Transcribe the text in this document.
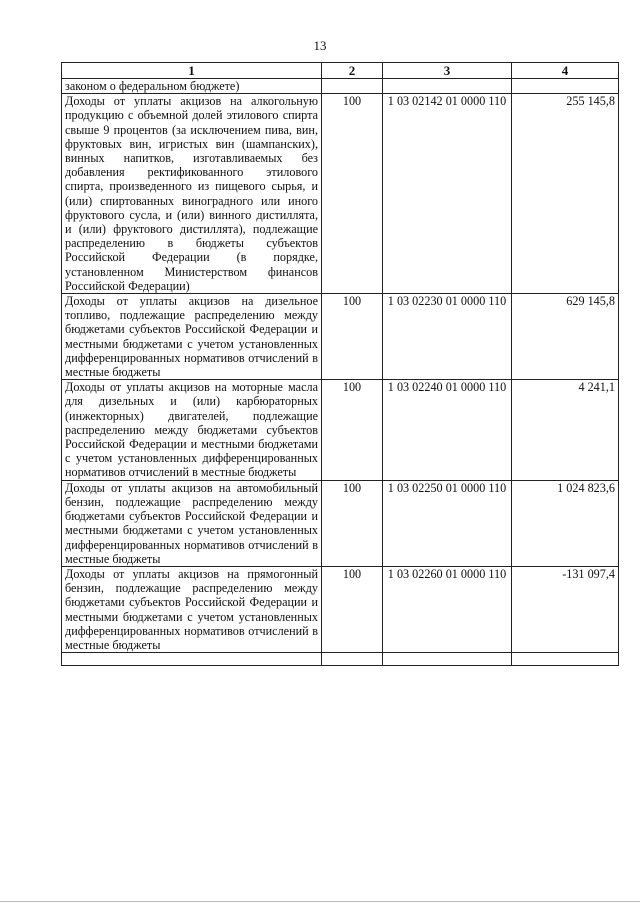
13
1	2	3	4
законом о федеральном бюджете)			
Доходы от уплаты акцизов на алкогольную продукцию с объемной долей этилового спирта свыше 9 процентов (за исключением пива, вин, фруктовых вин, игристых вин (шампанских), винных напитков, изготавливаемых без добавления ректификованного этилового спирта, произведенного из пищевого сырья, и (или) спиртованных виноградного или иного фруктового сусла, и (или) винного дистиллята, и (или) фруктового дистиллята), подлежащие распределению в бюджеты субъектов Российской Федерации (в порядке, установленном Министерством финансов Российской Федерации)	100	1 03 02142 01 0000 110	255 145,8
Доходы от уплаты акцизов на дизельное топливо, подлежащие распределению между бюджетами субъектов Российской Федерации и местными бюджетами с учетом установленных дифференцированных нормативов отчислений в местные бюджеты	100	1 03 02230 01 0000 110	629 145,8
Доходы от уплаты акцизов на моторные масла для дизельных и (или) карбюраторных (инжекторных) двигателей, подлежащие распределению между бюджетами субъектов Российской Федерации и местными бюджетами с учетом установленных дифференцированных нормативов отчислений в местные бюджеты	100	1 03 02240 01 0000 110	4 241,1
Доходы от уплаты акцизов на автомобильный бензин, подлежащие распределению между бюджетами субъектов Российской Федерации и местными бюджетами с учетом установленных дифференцированных нормативов отчислений в местные бюджеты	100	1 03 02250 01 0000 110	1 024 823,6
Доходы от уплаты акцизов на прямогонный бензин, подлежащие распределению между бюджетами субъектов Российской Федерации и местными бюджетами с учетом установленных дифференцированных нормативов отчислений в местные бюджеты	100	1 03 02260 01 0000 110	-131 097,4
